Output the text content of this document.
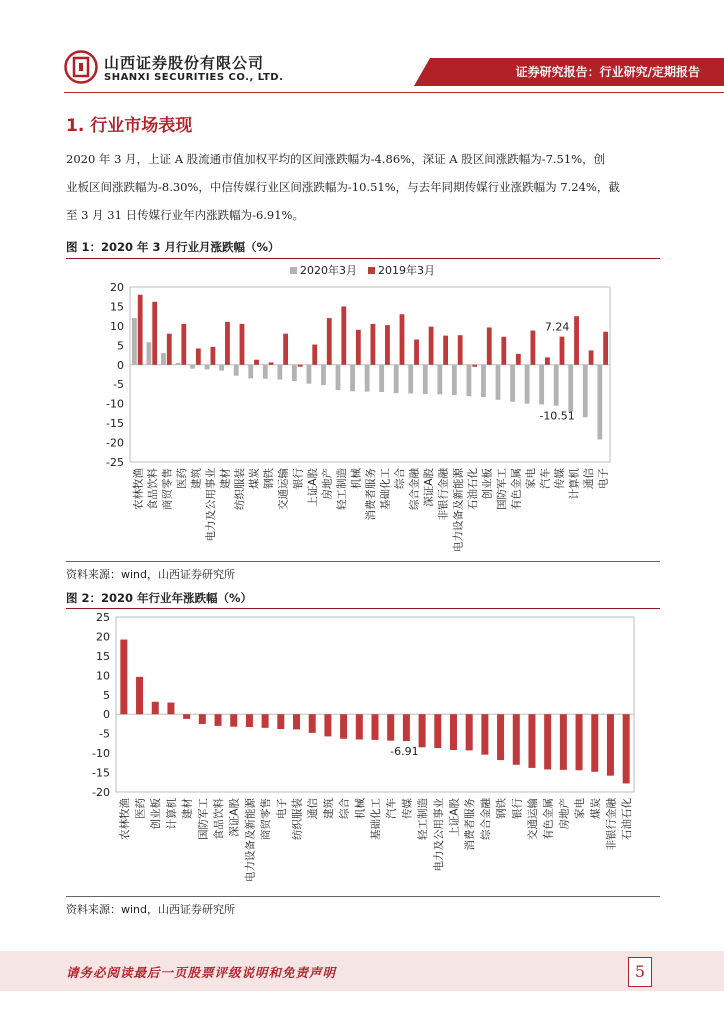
山西证券股份有限公司
SHANXI SECURITIES CO., LTD.	证券研究报告：行业研究/定期报告
1. 行业市场表现
2020 年 3 月，上证 A 股流通市值加权平均的区间涨跌幅为-4.86%，深证 A 股区间涨跌幅为-7.51%，创
业板区间涨跌幅为-8.30%，中信传媒行业区间涨跌幅为-10.51%，与去年同期传媒行业涨跌幅为 7.24%，截
至 3 月 31 日传媒行业年内涨跌幅为-6.91%。
图 1：2020 年 3 月行业月涨跌幅（%）
20
15
10
5
0
-5
-10
-15
-20
-25
农林牧渔 食品饮料 商贸零售 医药 建筑 电力及公用事业 建材 纺织服装 煤炭 钢铁 交通运输 银行 上证A股 房地产 轻工制造 机械 消费者服务 基础化工 综合 综合金融 深证A股 非银行金融 电力设备及新能源 石油石化 创业板 国防军工 有色金属 家电 汽车 传媒 计算机 通信 电子
7.24
-10.51
2020年3月 2019年3月
资料来源：wind，山西证券研究所
图 2：2020 年行业年涨跌幅（%）
25
20
15
10
5
0
-5
-10
-15
-20
农林牧渔 医药 创业板 计算机 建材 国防军工 食品饮料 深证A股 电力设备及新能源 商贸零售 电子 纺织服装 通信 建筑 综合 机械 基础化工 汽车 传媒 轻工制造 电力及公用事业 上证A股 消费者服务 综合金融 钢铁 银行 交通运输 有色金属 房地产 家电 煤炭 非银行金融 石油石化
-6.91
资料来源：wind，山西证券研究所
请务必阅读最后一页股票评级说明和免责声明	5
